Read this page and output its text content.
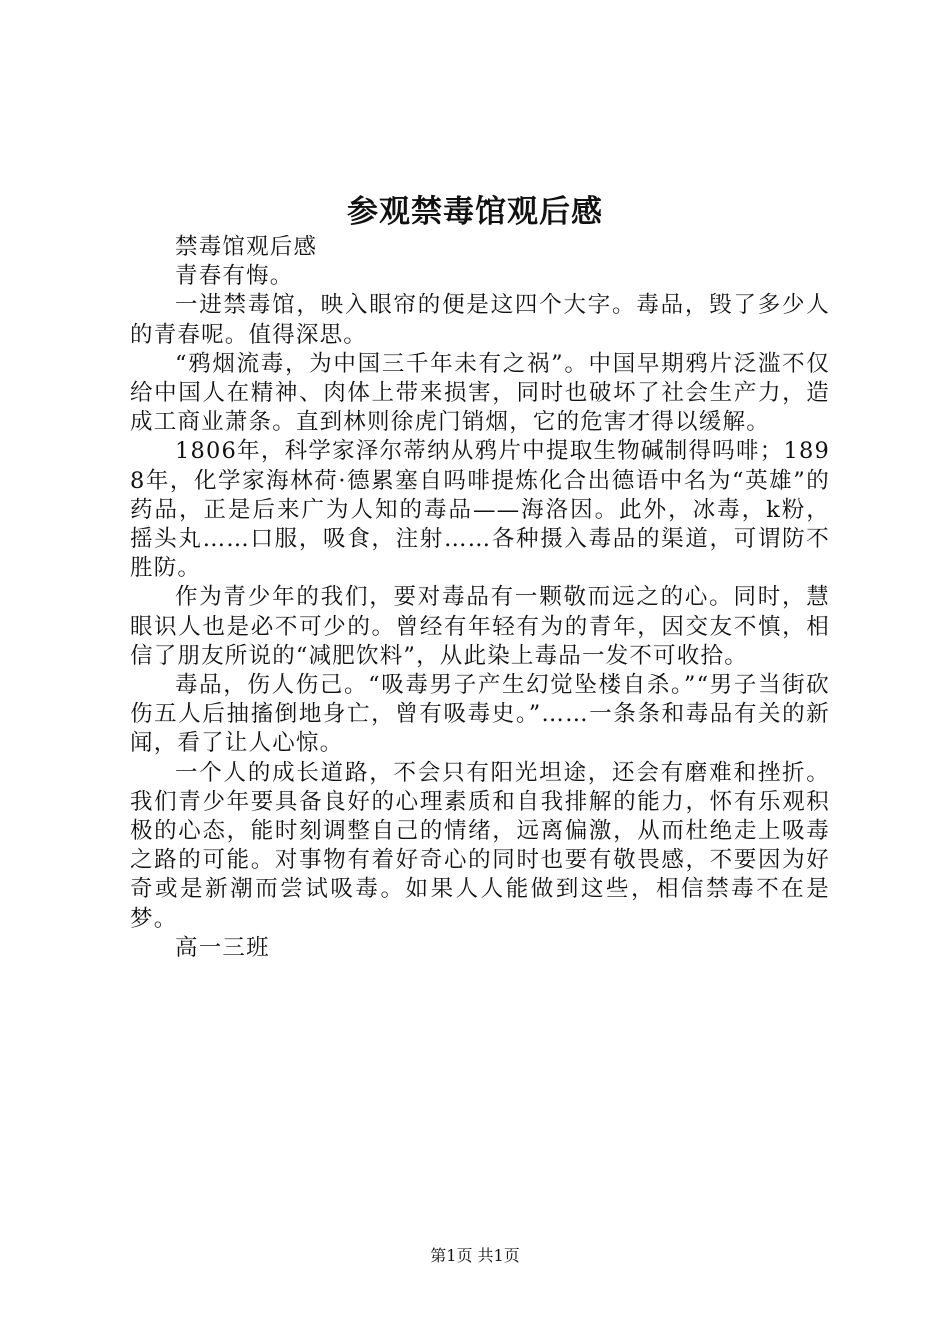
参观禁毒馆观后感

禁毒馆观后感

青春有悔。

一进禁毒馆，映入眼帘的便是这四个大字。毒品，毁了多少人的青春呢。值得深思。

“鸦烟流毒，为中国三千年未有之祸”。中国早期鸦片泛滥不仅给中国人在精神、肉体上带来损害，同时也破坏了社会生产力，造成工商业萧条。直到林则徐虎门销烟，它的危害才得以缓解。

1806年，科学家泽尔蒂纳从鸦片中提取生物碱制得吗啡；1898年，化学家海林荷·德累塞自吗啡提炼化合出德语中名为“英雄”的药品，正是后来广为人知的毒品——海洛因。此外，冰毒，k粉，摇头丸……口服，吸食，注射……各种摄入毒品的渠道，可谓防不胜防。

作为青少年的我们，要对毒品有一颗敬而远之的心。同时，慧眼识人也是必不可少的。曾经有年轻有为的青年，因交友不慎，相信了朋友所说的“减肥饮料”，从此染上毒品一发不可收拾。

毒品，伤人伤己。“吸毒男子产生幻觉坠楼自杀。”“男子当街砍伤五人后抽搐倒地身亡，曾有吸毒史。”……一条条和毒品有关的新闻，看了让人心惊。

一个人的成长道路，不会只有阳光坦途，还会有磨难和挫折。我们青少年要具备良好的心理素质和自我排解的能力，怀有乐观积极的心态，能时刻调整自己的情绪，远离偏激，从而杜绝走上吸毒之路的可能。对事物有着好奇心的同时也要有敬畏感，不要因为好奇或是新潮而尝试吸毒。如果人人能做到这些，相信禁毒不在是梦。

高一三班

第1页 共1页
